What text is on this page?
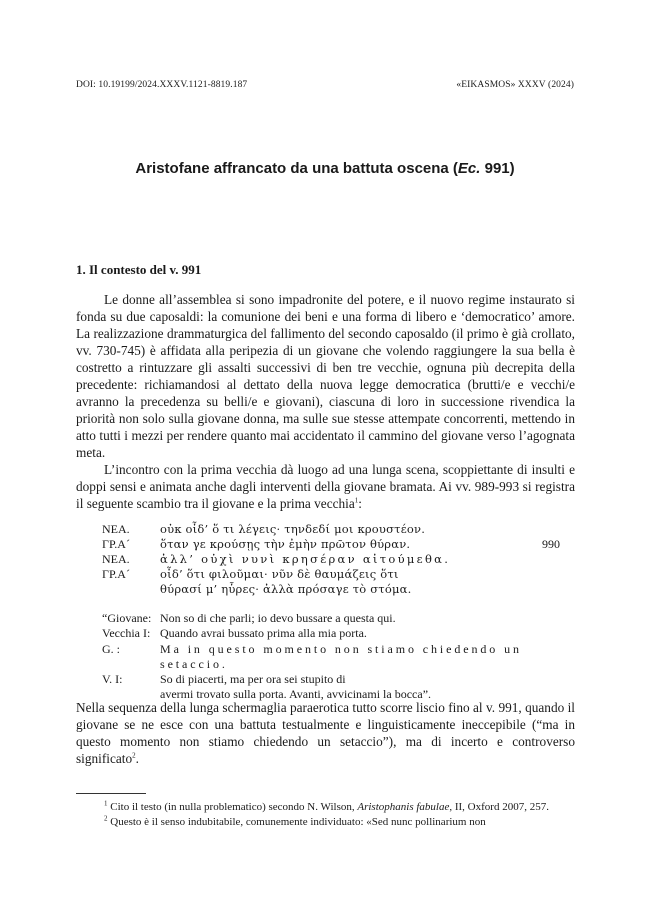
DOI: 10.19199/2024.XXXV.1121-8819.187	«EIKASMOS» XXXV (2024)
Aristofane affrancato da una battuta oscena (Ec. 991)
1. Il contesto del v. 991

Le donne all’assemblea si sono impadronite del potere, e il nuovo regime instaurato si fonda su due caposaldi: la comunione dei beni e una forma di libero e ‘democratico’ amore. La realizzazione drammaturgica del fallimento del secondo caposaldo (il primo è già crollato, vv. 730-745) è affidata alla peripezia di un giovane che volendo raggiungere la sua bella è costretto a rintuzzare gli assalti successivi di ben tre vecchie, ognuna più decrepita della precedente: richiamandosi al dettato della nuova legge democratica (brutti/e e vecchi/e avranno la precedenza su belli/e e giovani), ciascuna di loro in successione rivendica la priorità non solo sulla giovane donna, ma sulle sue stesse attempate concorrenti, mettendo in atto tutti i mezzi per rendere quanto mai accidentato il cammino del giovane verso l’agognata meta.

L’incontro con la prima vecchia dà luogo ad una lunga scena, scoppiettante di insulti e doppi sensi e animata anche dagli interventi della giovane bramata. Ai vv. 989-993 si registra il seguente scambio tra il giovane e la prima vecchia$^1$:

ΝΕΑ.	οὐκ οἶδ’ ὅ τι λέγεις· τηνδεδί μοι κρουστέον.
ΓΡ.Α´	ὅταν γε κρούσῃς τὴν ἐμὴν πρῶτον θύραν.	990
ΝΕΑ.	ἀλλ’ οὐχὶ νυνὶ κρησέραν αἰτούμεθα.
ΓΡ.Α´	οἶδ’ ὅτι φιλοῦμαι· νῦν δὲ θαυμάζεις ὅτι
θύρασί μ’ ηὗρες· ἀλλὰ πρόσαγε τὸ στόμα.
“Giovane: Non so di che parli; io devo bussare a questa qui.
Vecchia I: Quando avrai bussato prima alla mia porta.
G. :	Ma in questo momento non stiamo chiedendo un setaccio.
V. I:	So di piacerti, ma per ora sei stupito di
avermi trovato sulla porta. Avanti, avvicinami la bocca”.

Nella sequenza della lunga schermaglia paraerotica tutto scorre liscio fino al v. 991, quando il giovane se ne esce con una battuta testualmente e linguisticamente ineccepibile (“ma in questo momento non stiamo chiedendo un setaccio”), ma di incerto e controverso significato$^2$.

$^1$ Cito il testo (in nulla problematico) secondo N. Wilson, Aristophanis fabulae, II, Oxford 2007, 257.

$^2$ Questo è il senso indubitabile, comunemente individuato: «Sed nunc pollinarium non
